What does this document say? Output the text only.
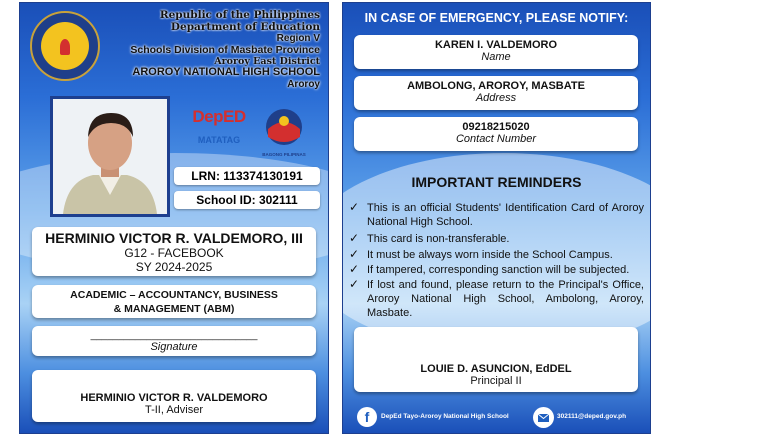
Republic of the Philippines
Department of Education
Region V
Schools Division of Masbate Province
Aroroy East District
AROROY NATIONAL HIGH SCHOOL
Aroroy
DepED
MATATAG
BAGONG PILIPINAS
LRN: 113374130191
School ID: 302111
HERMINIO VICTOR R. VALDEMORO, III
G12 - FACEBOOK
SY 2024-2025
ACADEMIC – ACCOUNTANCY, BUSINESS & MANAGEMENT (ABM)
______________________________
Signature
HERMINIO VICTOR R. VALDEMORO
T-II, Adviser
IN CASE OF EMERGENCY, PLEASE NOTIFY:
KAREN I. VALDEMORO
Name
AMBOLONG, AROROY, MASBATE
Address
09218215020
Contact Number
IMPORTANT REMINDERS
✓ This is an official Students' Identification Card of Aroroy National High School.
✓ This card is non-transferable.
✓ It must be always worn inside the School Campus.
✓ If tampered, corresponding sanction will be subjected.
✓ If lost and found, please return to the Principal's Office, Aroroy National High School, Ambolong, Aroroy, Masbate.
LOUIE D. ASUNCION, EdDEL
Principal II
f	DepEd Tayo-Aroroy National High School	302111@deped.gov.ph
